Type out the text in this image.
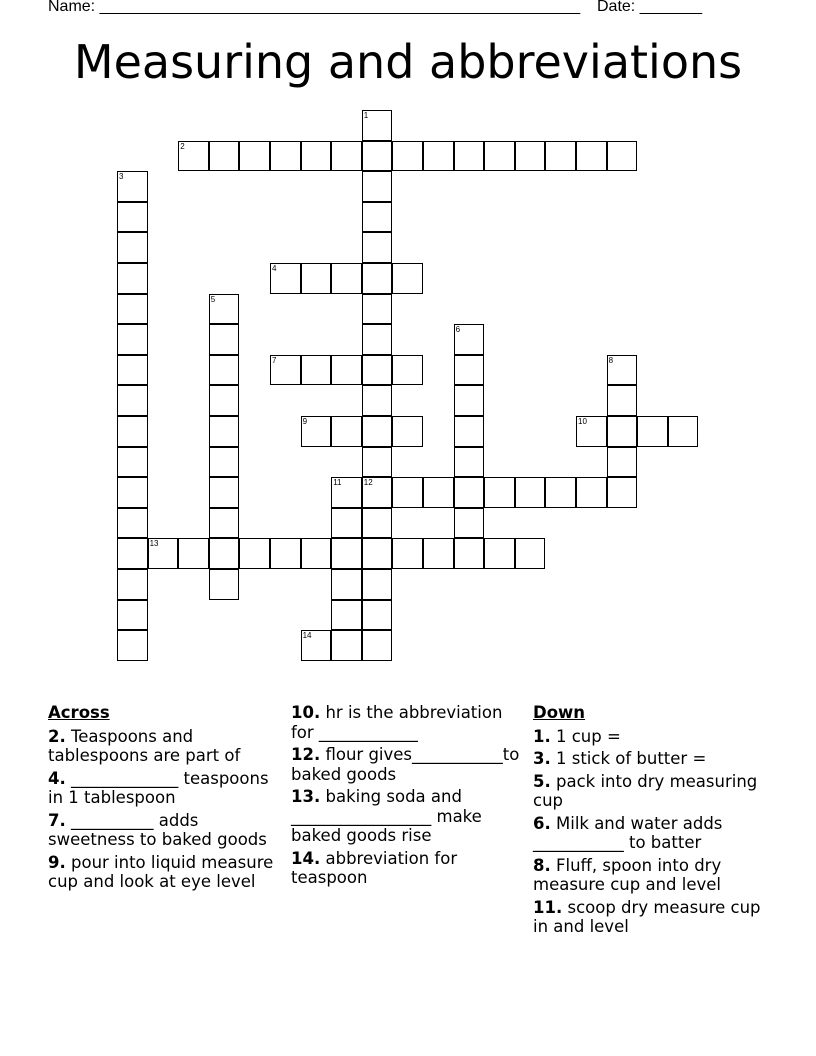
Name: ______________________________________________________ Date: _______
Measuring and abbreviations
2
4
7
9	10
12
13
14
1
3
5
6
8
11
Across
2. Teaspoons and tablespoons are part of
4. _____________ teaspoons in 1 tablespoon
7. __________ adds sweetness to baked goods
9. pour into liquid measure cup and look at eye level
10. hr is the abbreviation for ____________
12. flour gives___________to baked goods
13. baking soda and _________________ make baked goods rise
14. abbreviation for teaspoon
Down
1. 1 cup =
3. 1 stick of butter =
5. pack into dry measuring cup
6. Milk and water adds ___________ to batter
8. Fluff, spoon into dry measure cup and level
11. scoop dry measure cup in and level
